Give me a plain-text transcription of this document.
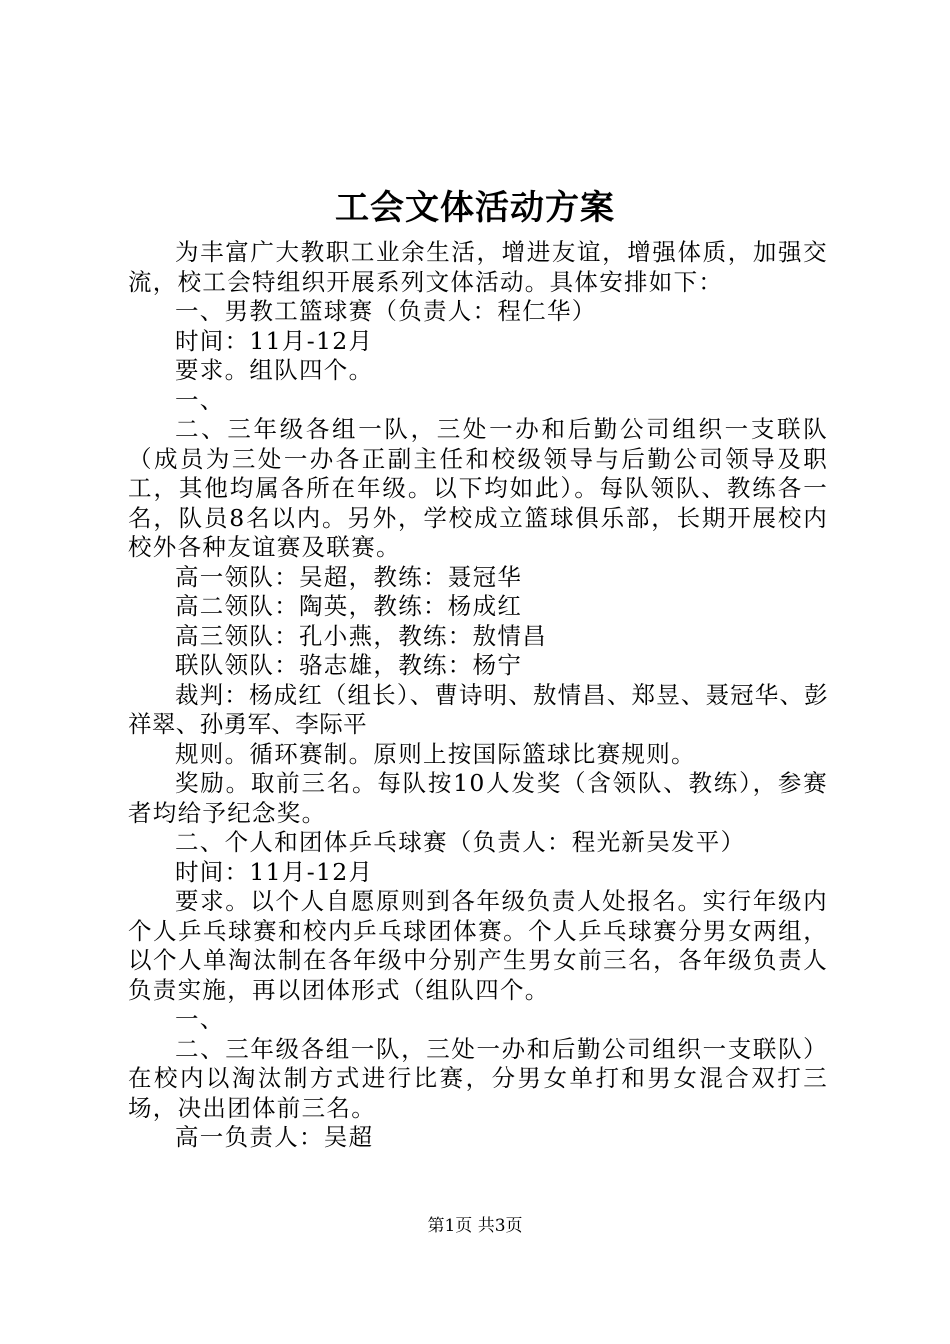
工会文体活动方案

为丰富广大教职工业余生活，增进友谊，增强体质，加强交流，校工会特组织开展系列文体活动。具体安排如下：

一、男教工篮球赛（负责人：程仁华）

时间：11月-12月

要求。组队四个。

一、

二、三年级各组一队，三处一办和后勤公司组织一支联队（成员为三处一办各正副主任和校级领导与后勤公司领导及职工，其他均属各所在年级。以下均如此）。每队领队、教练各一名，队员8名以内。另外，学校成立篮球俱乐部，长期开展校内校外各种友谊赛及联赛。

高一领队：吴超，教练：聂冠华

高二领队：陶英，教练：杨成红

高三领队：孔小燕，教练：敖情昌

联队领队：骆志雄，教练：杨宁

裁判：杨成红（组长）、曹诗明、敖情昌、郑昱、聂冠华、彭祥翠、孙勇军、李际平

规则。循环赛制。原则上按国际篮球比赛规则。

奖励。取前三名。每队按10人发奖（含领队、教练），参赛者均给予纪念奖。

二、个人和团体乒乓球赛（负责人：程光新吴发平）

时间：11月-12月

要求。以个人自愿原则到各年级负责人处报名。实行年级内个人乒乓球赛和校内乒乓球团体赛。个人乒乓球赛分男女两组，以个人单淘汰制在各年级中分别产生男女前三名，各年级负责人负责实施，再以团体形式（组队四个。

一、

二、三年级各组一队，三处一办和后勤公司组织一支联队）在校内以淘汰制方式进行比赛，分男女单打和男女混合双打三场，决出团体前三名。

高一负责人：吴超

第1页 共3页
